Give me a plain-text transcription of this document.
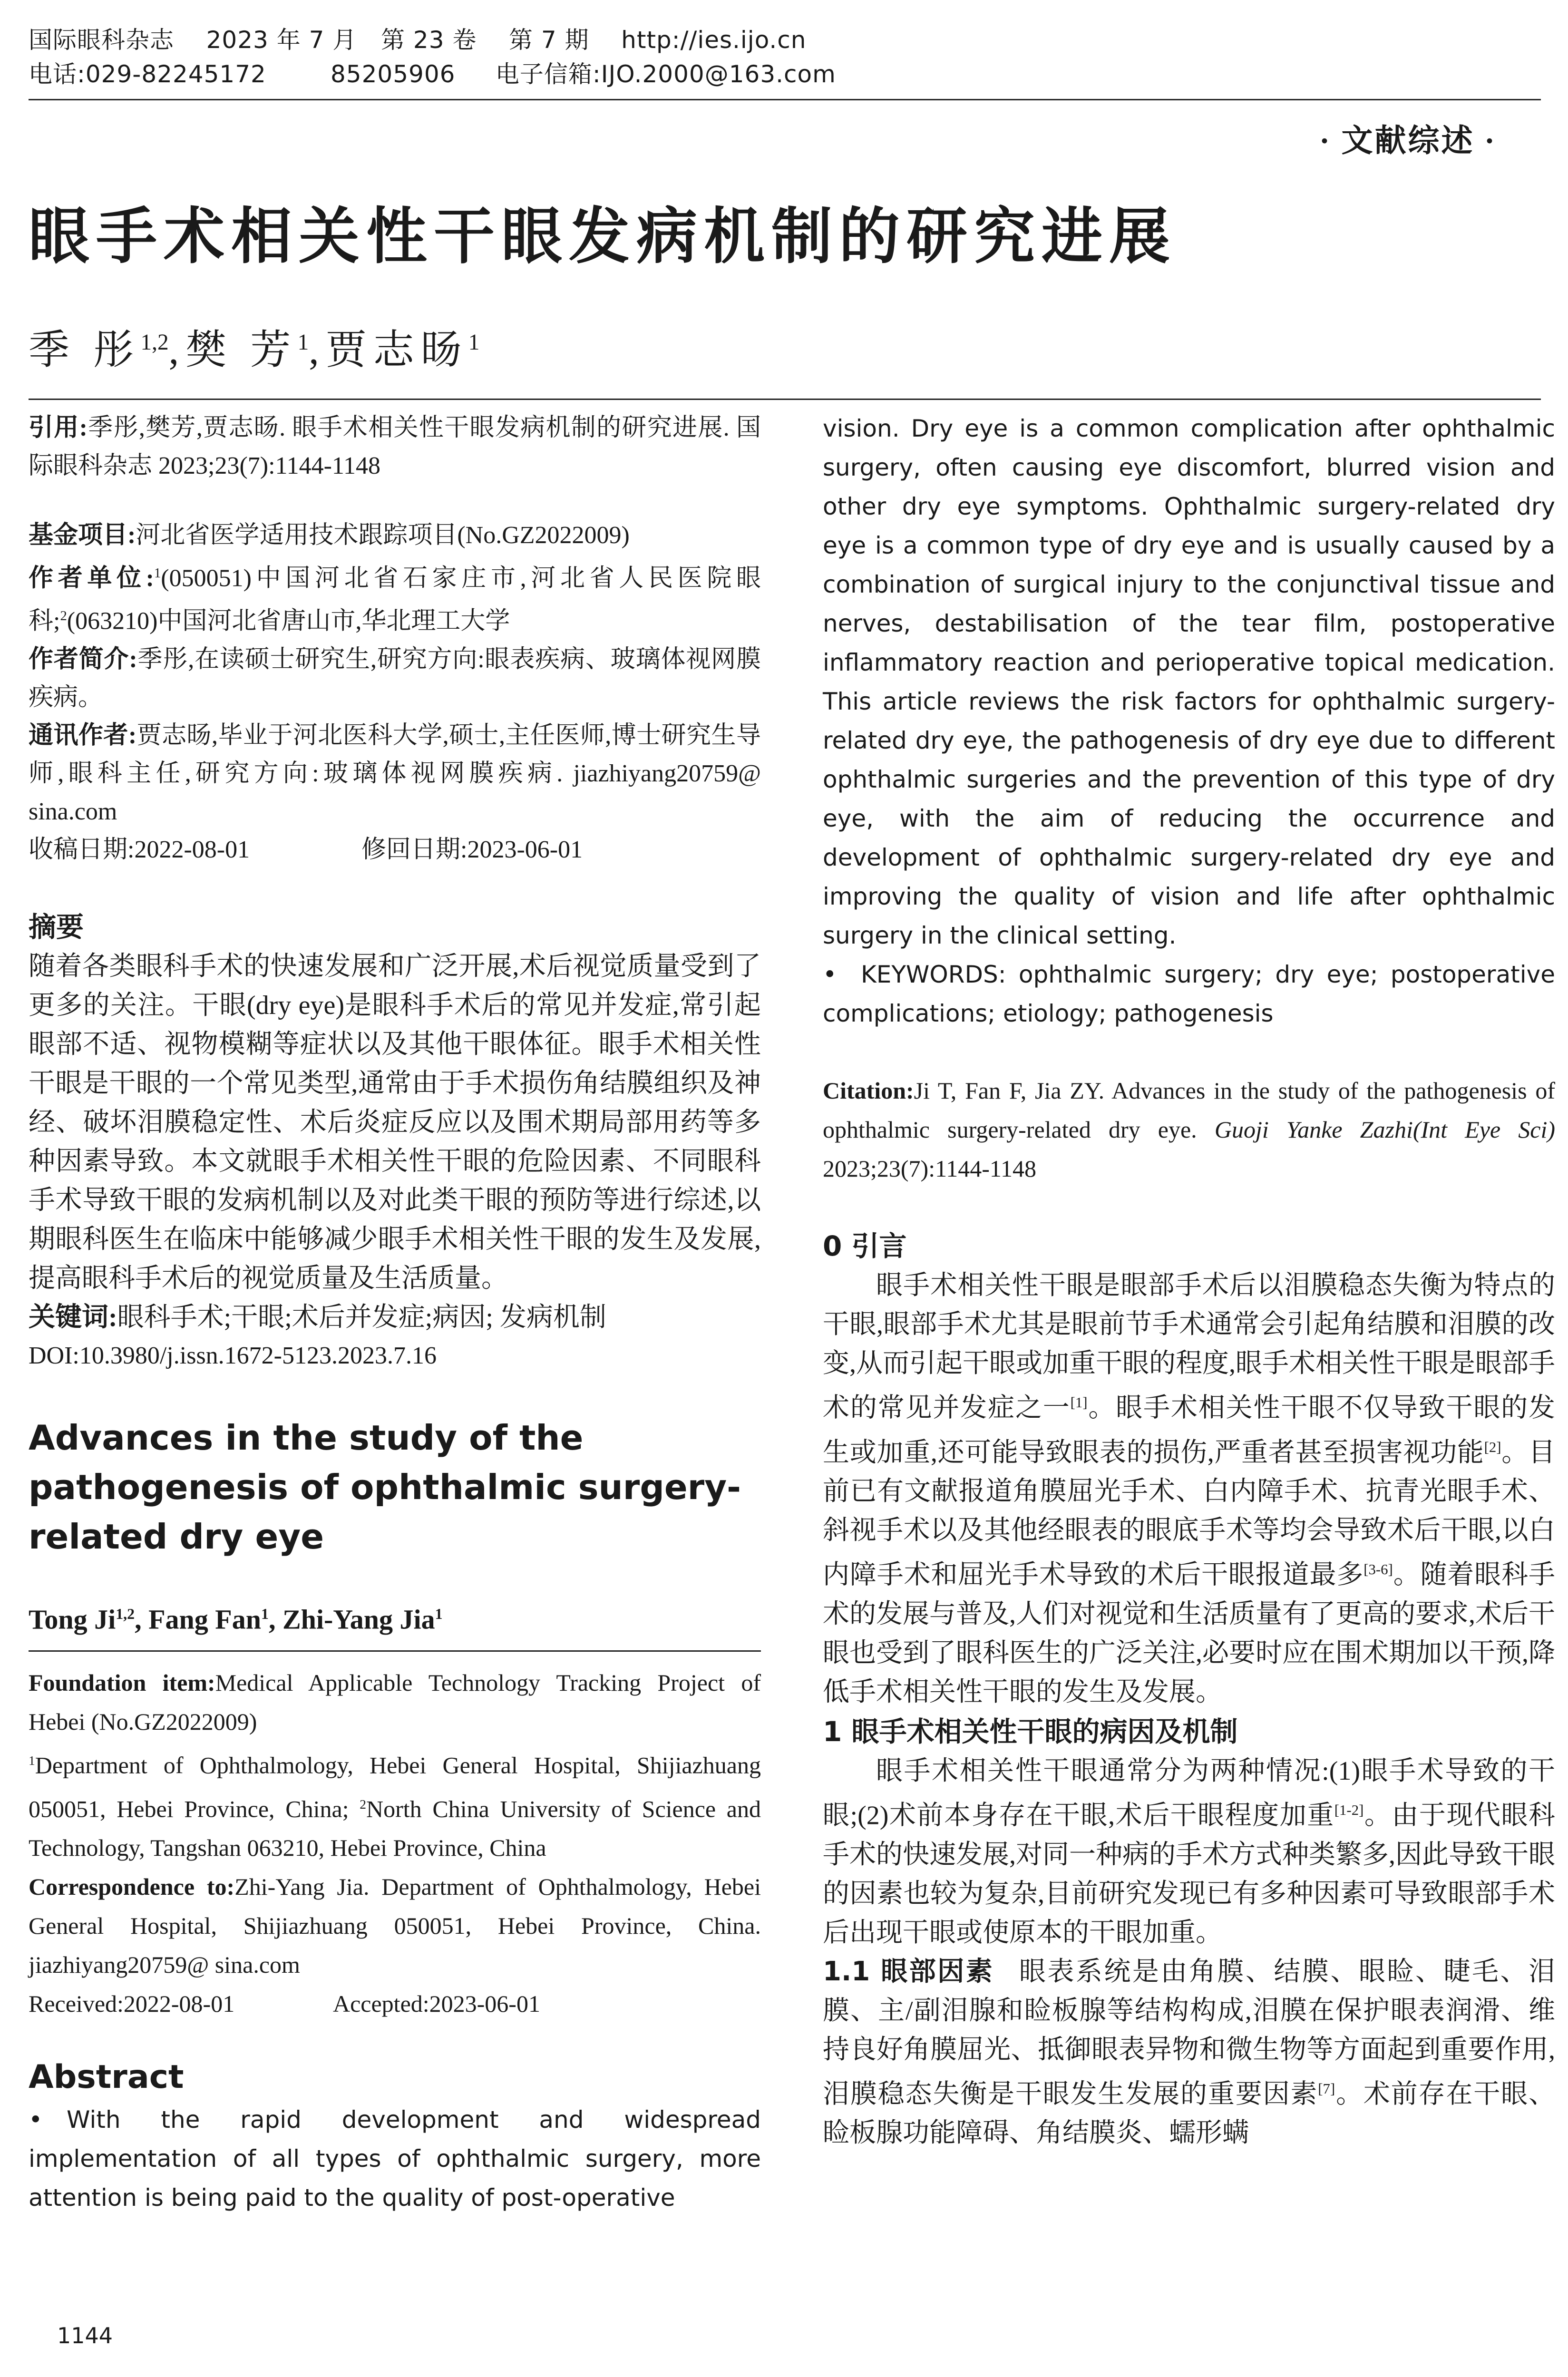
国际眼科杂志    2023 年 7 月   第 23 卷    第 7 期    http://ies.ijo.cn
电话:029-82245172        85205906     电子信箱:IJO.2000@163.com
· 文献综述 ·
眼手术相关性干眼发病机制的研究进展
季 彤$^{1,2}$,樊 芳$^1$,贾志旸$^1$

引用:季彤,樊芳,贾志旸. 眼手术相关性干眼发病机制的研究进展. 国际眼科杂志 2023;23(7):1144-1148

基金项目:河北省医学适用技术跟踪项目(No.GZ2022009)

作者单位:$^1$(050051)中国河北省石家庄市,河北省人民医院眼科;$^2$(063210)中国河北省唐山市,华北理工大学

作者简介:季彤,在读硕士研究生,研究方向:眼表疾病、玻璃体视网膜疾病。

通讯作者:贾志旸,毕业于河北医科大学,硕士,主任医师,博士研究生导师,眼科主任,研究方向:玻璃体视网膜疾病. jiazhiyang20759@ sina.com

收稿日期:2022-08-01	修回日期:2023-06-01

摘要

随着各类眼科手术的快速发展和广泛开展,术后视觉质量受到了更多的关注。干眼(dry eye)是眼科手术后的常见并发症,常引起眼部不适、视物模糊等症状以及其他干眼体征。眼手术相关性干眼是干眼的一个常见类型,通常由于手术损伤角结膜组织及神经、破坏泪膜稳定性、术后炎症反应以及围术期局部用药等多种因素导致。本文就眼手术相关性干眼的危险因素、不同眼科手术导致干眼的发病机制以及对此类干眼的预防等进行综述,以期眼科医生在临床中能够减少眼手术相关性干眼的发生及发展,提高眼科手术后的视觉质量及生活质量。

关键词:眼科手术;干眼;术后并发症;病因; 发病机制

DOI:10.3980/j.issn.1672-5123.2023.7.16

Advances in the study of the pathogenesis of ophthalmic surgery-related dry eye

Tong Ji$^{1,2}$, Fang Fan$^1$, Zhi-Yang Jia$^1$

Foundation item:Medical Applicable Technology Tracking Project of Hebei (No.GZ2022009)

$^1$Department of Ophthalmology, Hebei General Hospital, Shijiazhuang 050051, Hebei Province, China; $^2$North China University of Science and Technology, Tangshan 063210, Hebei Province, China

Correspondence to:Zhi-Yang Jia. Department of Ophthalmology, Hebei General Hospital, Shijiazhuang 050051, Hebei Province, China. jiazhiyang20759@ sina.com

Received:2022-08-01	Accepted:2023-06-01

Abstract

• With the rapid development and widespread implementation of all types of ophthalmic surgery, more attention is being paid to the quality of post-operative

vision. Dry eye is a common complication after ophthalmic surgery, often causing eye discomfort, blurred vision and other dry eye symptoms. Ophthalmic surgery-related dry eye is a common type of dry eye and is usually caused by a combination of surgical injury to the conjunctival tissue and nerves, destabilisation of the tear film, postoperative inflammatory reaction and perioperative topical medication. This article reviews the risk factors for ophthalmic surgery-related dry eye, the pathogenesis of dry eye due to different ophthalmic surgeries and the prevention of this type of dry eye, with the aim of reducing the occurrence and development of ophthalmic surgery-related dry eye and improving the quality of vision and life after ophthalmic surgery in the clinical setting.

• KEYWORDS: ophthalmic surgery; dry eye; postoperative complications; etiology; pathogenesis

Citation:Ji T, Fan F, Jia ZY. Advances in the study of the pathogenesis of ophthalmic surgery-related dry eye. Guoji Yanke Zazhi(Int Eye Sci) 2023;23(7):1144-1148

0 引言

眼手术相关性干眼是眼部手术后以泪膜稳态失衡为特点的干眼,眼部手术尤其是眼前节手术通常会引起角结膜和泪膜的改变,从而引起干眼或加重干眼的程度,眼手术相关性干眼是眼部手术的常见并发症之一[1]。眼手术相关性干眼不仅导致干眼的发生或加重,还可能导致眼表的损伤,严重者甚至损害视功能[2]。目前已有文献报道角膜屈光手术、白内障手术、抗青光眼手术、斜视手术以及其他经眼表的眼底手术等均会导致术后干眼,以白内障手术和屈光手术导致的术后干眼报道最多[3-6]。随着眼科手术的发展与普及,人们对视觉和生活质量有了更高的要求,术后干眼也受到了眼科医生的广泛关注,必要时应在围术期加以干预,降低手术相关性干眼的发生及发展。

1 眼手术相关性干眼的病因及机制

眼手术相关性干眼通常分为两种情况:(1)眼手术导致的干眼;(2)术前本身存在干眼,术后干眼程度加重[1-2]。由于现代眼科手术的快速发展,对同一种病的手术方式种类繁多,因此导致干眼的因素也较为复杂,目前研究发现已有多种因素可导致眼部手术后出现干眼或使原本的干眼加重。

1.1 眼部因素 眼表系统是由角膜、结膜、眼睑、睫毛、泪膜、主/副泪腺和睑板腺等结构构成,泪膜在保护眼表润滑、维持良好角膜屈光、抵御眼表异物和微生物等方面起到重要作用,泪膜稳态失衡是干眼发生发展的重要因素[7]。术前存在干眼、睑板腺功能障碍、角结膜炎、蠕形螨

1144
